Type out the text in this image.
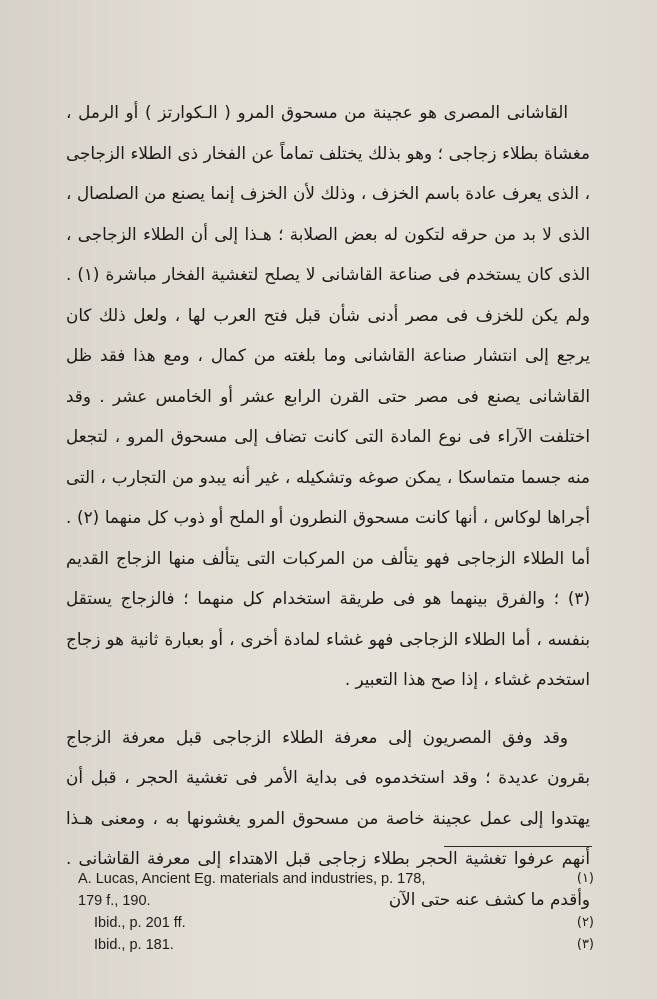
القاشانى المصرى هو عجينة من مسحوق المرو ( الـكوارتز ) أو الرمل ، مغشاة بطلاء زجاجى ؛ وهو بذلك يختلف تماماً عن الفخار ذى الطلاء الزجاجى ، الذى يعرف عادة باسم الخزف ، وذلك لأن الخزف إنما يصنع من الصلصال ، الذى لا بد من حرقه لتكون له بعض الصلابة ؛ هـذا إلى أن الطلاء الزجاجى ، الذى كان يستخدم فى صناعة القاشانى لا يصلح لتغشية الفخار مباشرة (١) . ولم يكن للخزف فى مصر أدنى شأن قبل فتح العرب لها ، ولعل ذلك كان يرجع إلى انتشار صناعة القاشانى وما بلغته من كمال ، ومع هذا فقد ظل القاشانى يصنع فى مصر حتى القرن الرابع عشر أو الخامس عشر . وقد اختلفت الآراء فى نوع المادة التى كانت تضاف إلى مسحوق المرو ، لتجعل منه جسما متماسكا ، يمكن صوغه وتشكيله ، غير أنه يبدو من التجارب ، التى أجراها لوكاس ، أنها كانت مسحوق النطرون أو الملح أو ذوب كل منهما (٢) . أما الطلاء الزجاجى فهو يتألف من المركبات التى يتألف منها الزجاج القديم (٣) ؛ والفرق بينهما هو فى طريقة استخدام كل منهما ؛ فالزجاج يستقل بنفسه ، أما الطلاء الزجاجى فهو غشاء لمادة أخرى ، أو بعبارة ثانية هو زجاج استخدم غشاء ، إذا صح هذا التعبير .

وقد وفق المصريون إلى معرفة الطلاء الزجاجى قبل معرفة الزجاج بقرون عديدة ؛ وقد استخدموه فى بداية الأمر فى تغشية الحجر ، قبل أن يهتدوا إلى عمل عجينة خاصة من مسحوق المرو يغشونها به ، ومعنى هـذا أنهم عرفوا تغشية الحجر بطلاء زجاجى قبل الاهتداء إلى معرفة القاشانى . وأقدم ما كشف عنه حتى الآن

A. Lucas, Ancient Eg. materials and industries, p. 178,	(١)
179 f., 190.
Ibid., p. 201 ff.	(٢)
Ibid., p. 181.	(٣)
